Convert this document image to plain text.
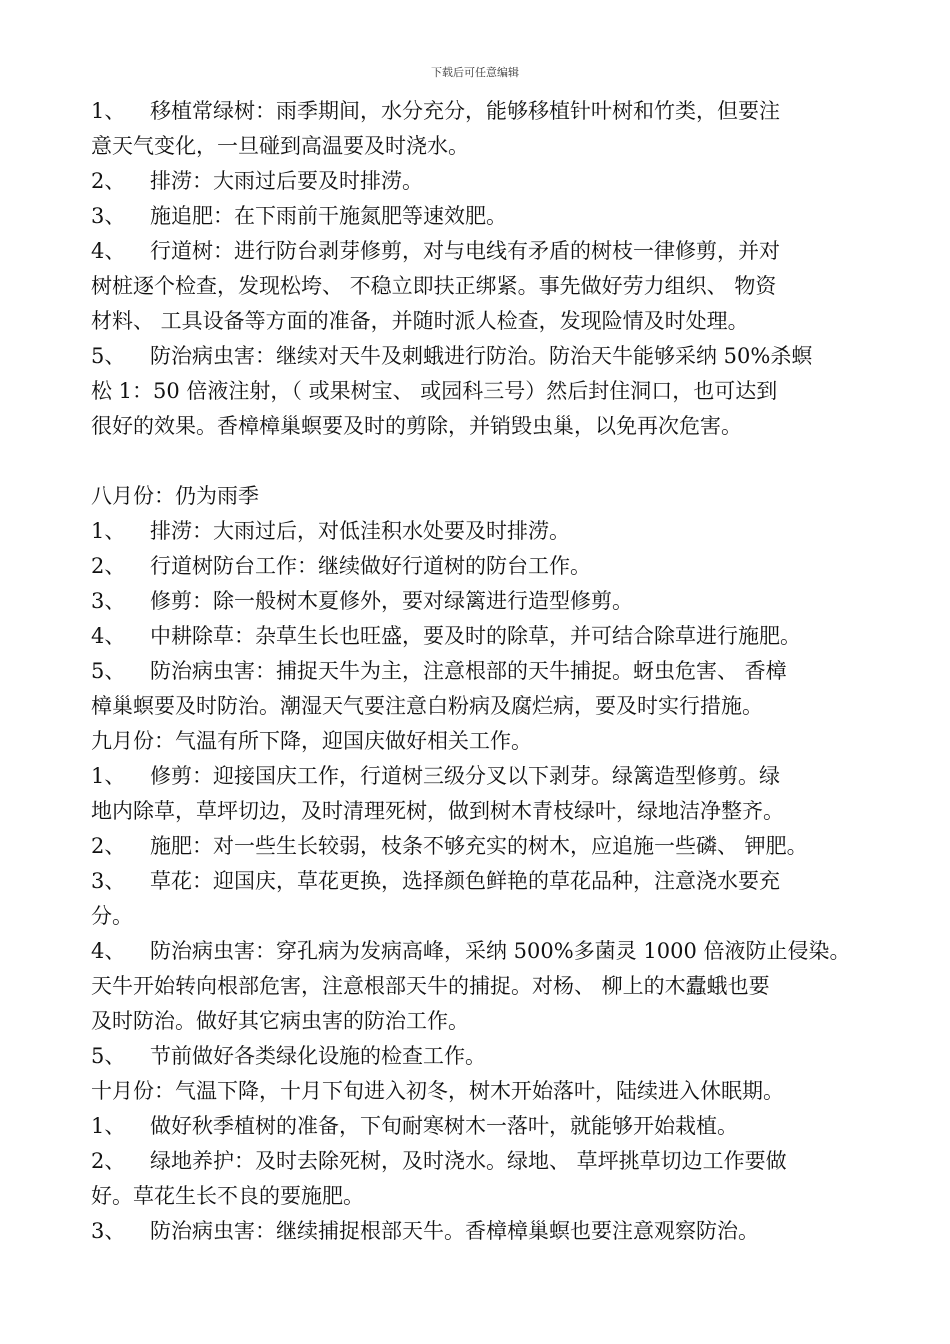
下载后可任意编辑
1、 移植常绿树：雨季期间，水分充分，能够移植针叶树和竹类，但要注
意天气变化，一旦碰到高温要及时浇水。
2、 排涝：大雨过后要及时排涝。
3、 施追肥：在下雨前干施氮肥等速效肥。
4、 行道树：进行防台剥芽修剪，对与电线有矛盾的树枝一律修剪，并对
树桩逐个检查，发现松垮、 不稳立即扶正绑紧。事先做好劳力组织、 物资
材料、 工具设备等方面的准备，并随时派人检查，发现险情及时处理。
5、 防治病虫害：继续对天牛及刺蛾进行防治。防治天牛能够采纳 50%杀螟
松 1：50 倍液注射，（ 或果树宝、 或园科三号）然后封住洞口，也可达到
很好的效果。香樟樟巢螟要及时的剪除，并销毁虫巢，以免再次危害。
八月份：仍为雨季
1、 排涝：大雨过后，对低洼积水处要及时排涝。
2、 行道树防台工作：继续做好行道树的防台工作。
3、 修剪：除一般树木夏修外，要对绿篱进行造型修剪。
4、 中耕除草：杂草生长也旺盛，要及时的除草，并可结合除草进行施肥。
5、 防治病虫害：捕捉天牛为主，注意根部的天牛捕捉。蚜虫危害、 香樟
樟巢螟要及时防治。潮湿天气要注意白粉病及腐烂病，要及时实行措施。
九月份：气温有所下降，迎国庆做好相关工作。
1、 修剪：迎接国庆工作，行道树三级分叉以下剥芽。绿篱造型修剪。绿
地内除草，草坪切边，及时清理死树，做到树木青枝绿叶，绿地洁净整齐。
2、 施肥：对一些生长较弱，枝条不够充实的树木，应追施一些磷、 钾肥。
3、 草花：迎国庆，草花更换，选择颜色鲜艳的草花品种，注意浇水要充
分。
4、 防治病虫害：穿孔病为发病高峰，采纳 500%多菌灵 1000 倍液防止侵染。
天牛开始转向根部危害，注意根部天牛的捕捉。对杨、 柳上的木蠹蛾也要
及时防治。做好其它病虫害的防治工作。
5、 节前做好各类绿化设施的检查工作。
十月份：气温下降，十月下旬进入初冬，树木开始落叶，陆续进入休眠期。
1、 做好秋季植树的准备，下旬耐寒树木一落叶，就能够开始栽植。
2、 绿地养护：及时去除死树，及时浇水。绿地、 草坪挑草切边工作要做
好。草花生长不良的要施肥。
3、 防治病虫害：继续捕捉根部天牛。香樟樟巢螟也要注意观察防治。
